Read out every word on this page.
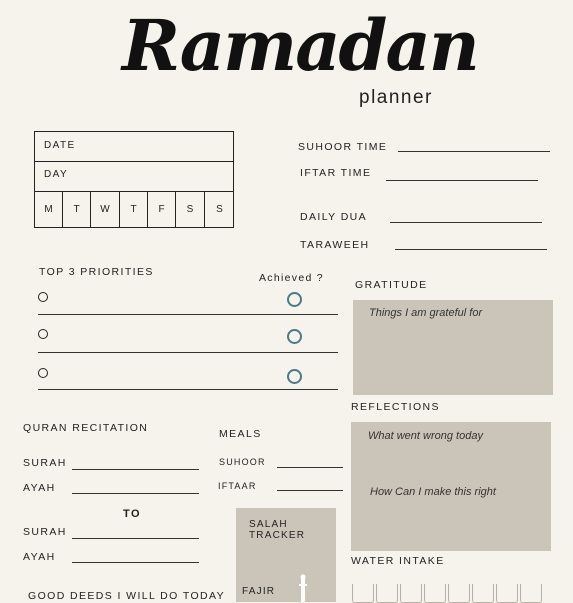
Ramadan
planner
DATE
DAY
M	T	W	T	F	S	S
SUHOOR TIME
IFTAR TIME
DAILY DUA
TARAWEEH
TOP 3 PRIORITIES	Achieved ?
GRATITUDE
Things I am grateful for
REFLECTIONS
What went wrong today
How Can I make this right
QURAN RECITATION
SURAH
AYAH
TO
SURAH
AYAH
MEALS
SUHOOR
IFTAAR
SALAH
TRACKER
FAJIR
WATER INTAKE
GOOD DEEDS I WILL DO TODAY
